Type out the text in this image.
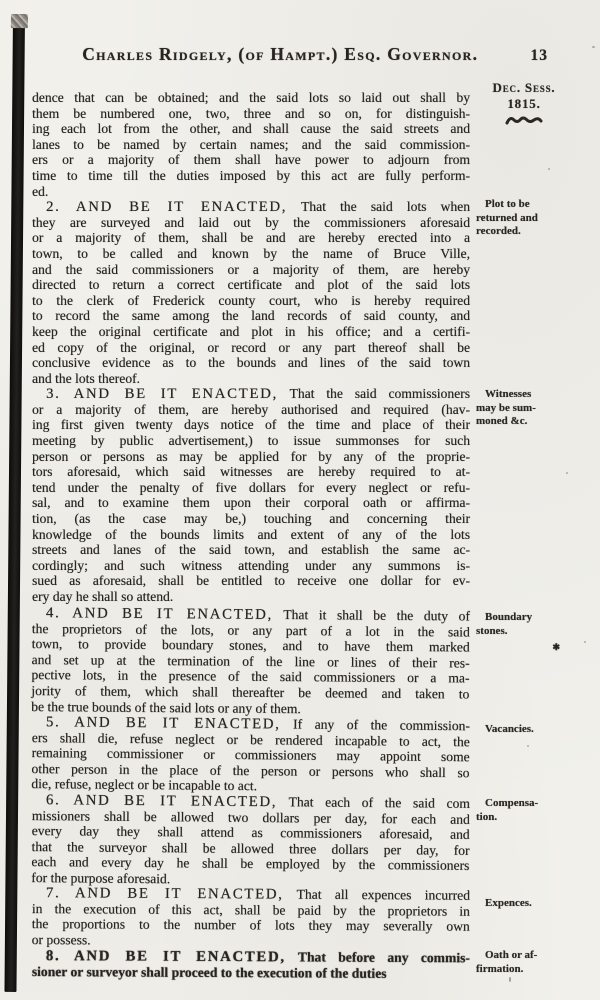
Charles Ridgely, (of Hampt.) Esq. Governor.	13
dence that can be obtained; and the said lots so laid out shall by
them be numbered one, two, three and so on, for distinguish-
ing each lot from the other, and shall cause the said streets and
lanes to be named by certain names; and the said commission-
ers or a majority of them shall have power to adjourn from
time to time till the duties imposed by this act are fully perform-
ed.
2. AND BE IT ENACTED, That the said lots when
they are surveyed and laid out by the commissioners aforesaid
or a majority of them, shall be and are hereby erected into a
town, to be called and known by the name of Bruce Ville,
and the said commissioners or a majority of them, are hereby
directed to return a correct certificate and plot of the said lots
to the clerk of Frederick county court, who is hereby required
to record the same among the land records of said county, and
keep the original certificate and plot in his office; and a certifi-
ed copy of the original, or record or any part thereof shall be
conclusive evidence as to the bounds and lines of the said town
and the lots thereof.
3. AND BE IT ENACTED, That the said commissioners
or a majority of them, are hereby authorised and required (hav-
ing first given twenty days notice of the time and place of their
meeting by public advertisement,) to issue summonses for such
person or persons as may be applied for by any of the proprie-
tors aforesaid, which said witnesses are hereby required to at-
tend under the penalty of five dollars for every neglect or refu-
sal, and to examine them upon their corporal oath or affirma-
tion, (as the case may be,) touching and concerning their
knowledge of the bounds limits and extent of any of the lots
streets and lanes of the said town, and establish the same ac-
cordingly; and such witness attending under any summons is-
sued as aforesaid, shall be entitled to receive one dollar for ev-
ery day he shall so attend.
4. AND BE IT ENACTED, That it shall be the duty of
the proprietors of the lots, or any part of a lot in the said
town, to provide boundary stones, and to have them marked
and set up at the termination of the line or lines of their res-
pective lots, in the presence of the said commissioners or a ma-
jority of them, which shall thereafter be deemed and taken to
be the true bounds of the said lots or any of them.
5. AND BE IT ENACTED, If any of the commission-
ers shall die, refuse neglect or be rendered incapable to act, the
remaining commissioner or commissioners may appoint some
other person in the place of the person or persons who shall so
die, refuse, neglect or be incapable to act.
6. AND BE IT ENACTED, That each of the said com
missioners shall be allowed two dollars per day, for each and
every day they shall attend as commissioners aforesaid, and
that the surveyor shall be allowed three dollars per day, for
each and every day he shall be employed by the commissioners
for the purpose aforesaid.
7. AND BE IT ENACTED, That all expences incurred
in the execution of this act, shall be paid by the proprietors in
the proportions to the number of lots they may severally own
or possess.
8. AND BE IT ENACTED, That before any commis-
sioner or surveyor shall proceed to the execution of the duties
Dec. Sess.
1815.
Plot to be
returned and
recorded.
Witnesses
may be sum-
moned &c.
Boundary
stones.
✱
Vacancies.
Compensa-
tion.
Expences.
Oath or af-
firmation.
